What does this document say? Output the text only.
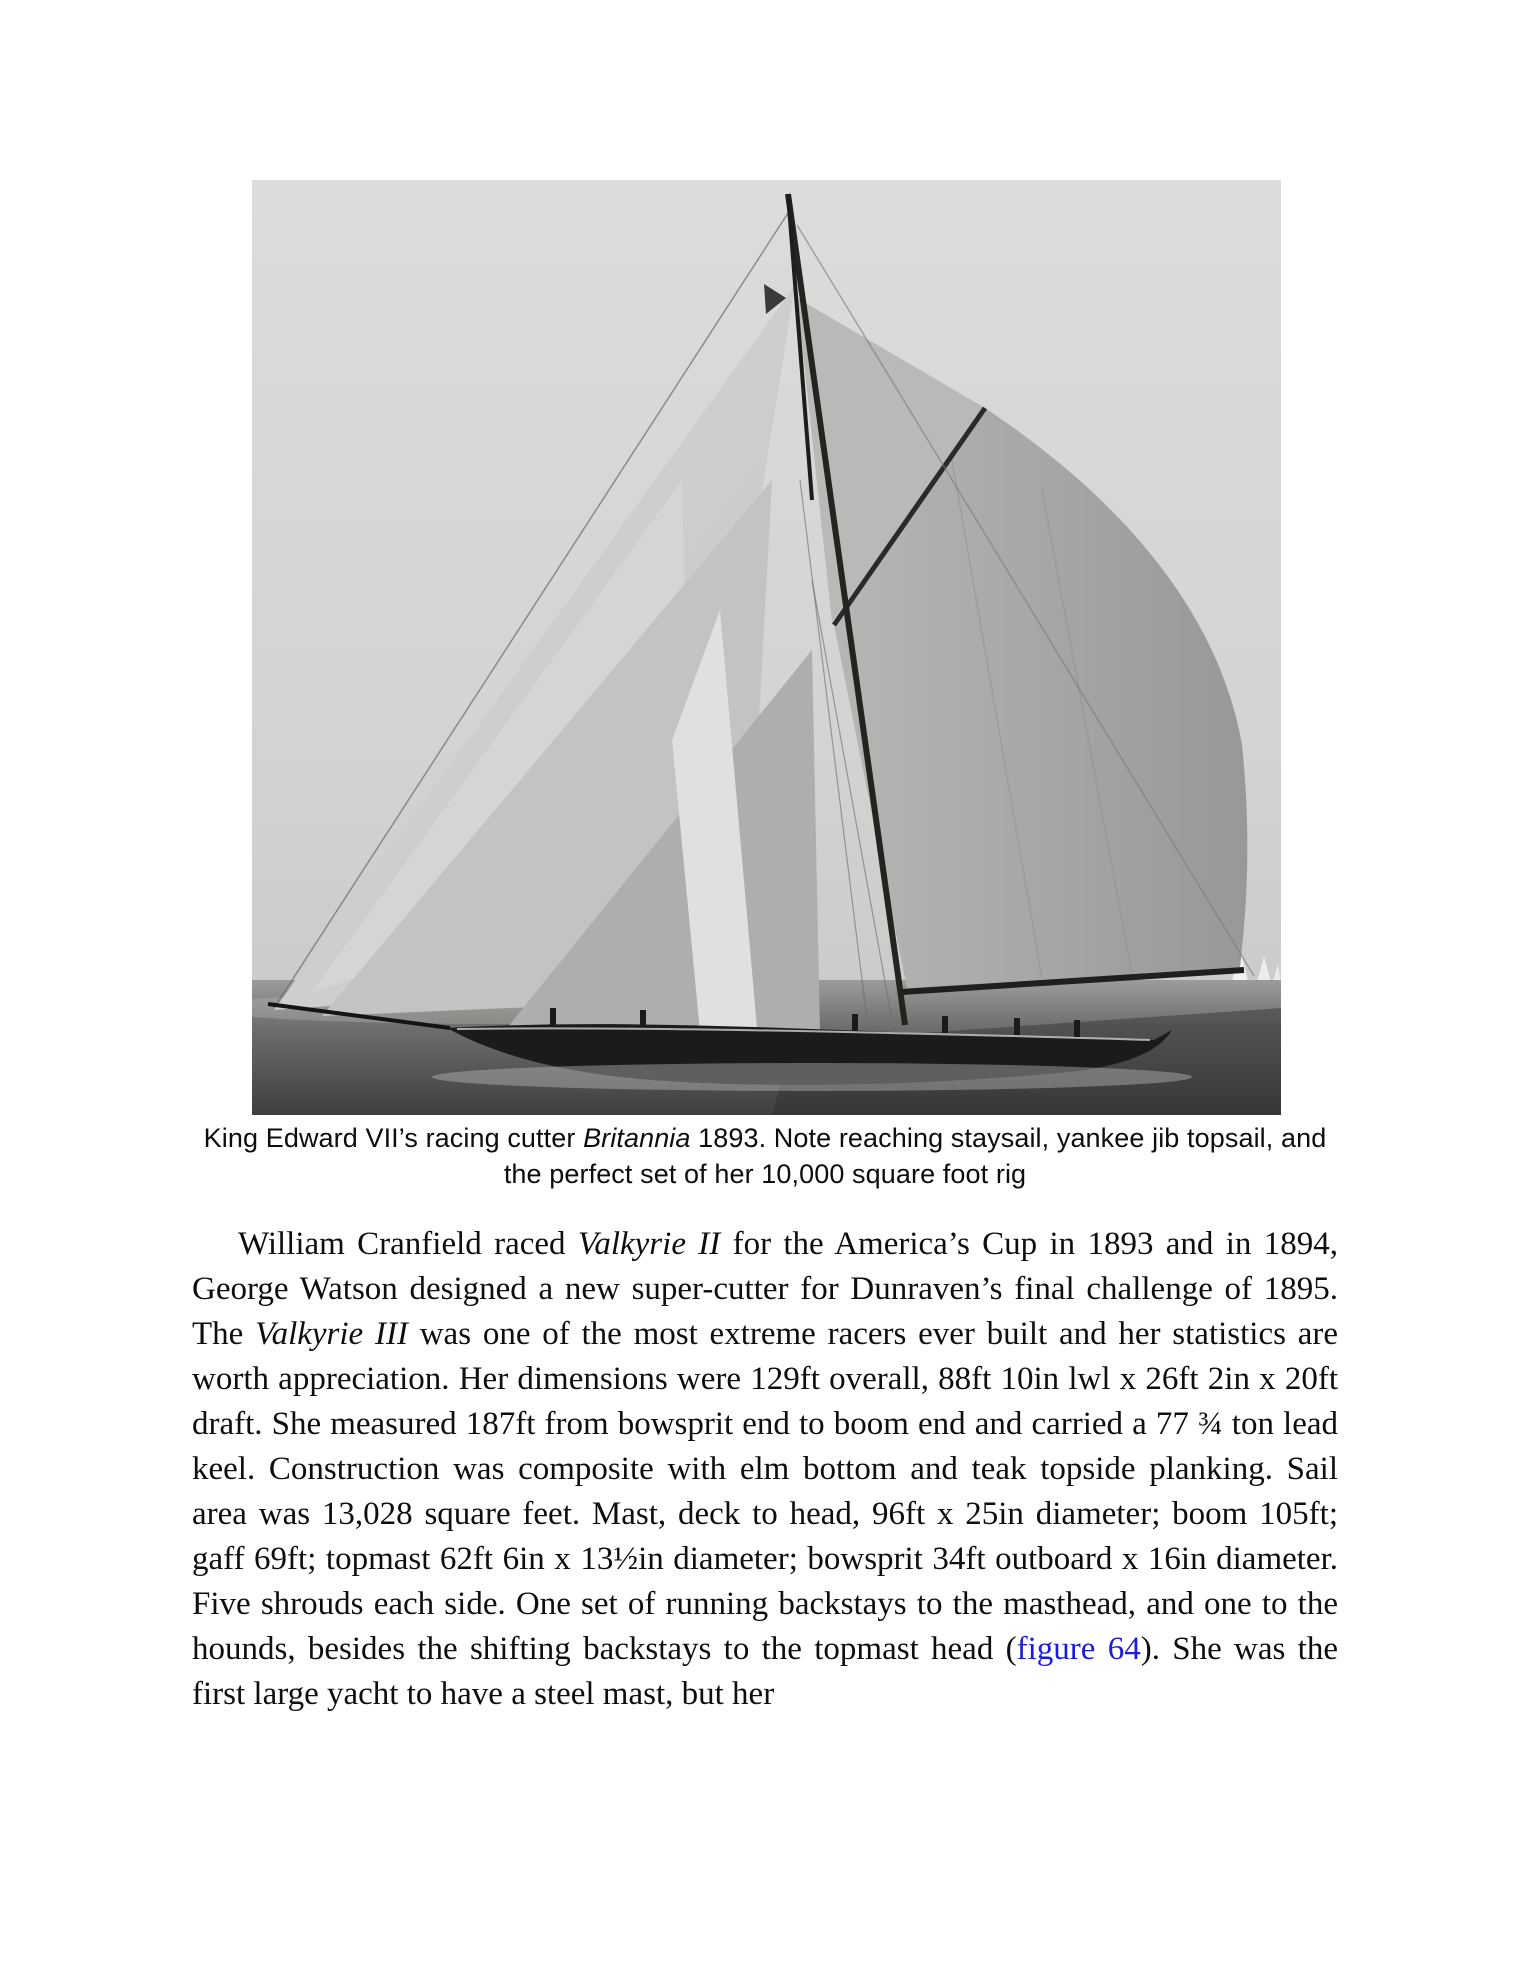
King Edward VII’s racing cutter Britannia 1893. Note reaching staysail, yankee jib topsail, and
the perfect set of her 10,000 square foot rig
William Cranfield raced Valkyrie II for the America’s Cup in 1893 and in 1894, George Watson designed a new super-cutter for Dunraven’s final challenge of 1895. The Valkyrie III was one of the most extreme racers ever built and her statistics are worth appreciation. Her dimensions were 129ft overall, 88ft 10in lwl x 26ft 2in x 20ft draft. She measured 187ft from bowsprit end to boom end and carried a 77 ¾ ton lead keel. Construction was composite with elm bottom and teak topside planking. Sail area was 13,028 square feet. Mast, deck to head, 96ft x 25in diameter; boom 105ft; gaff 69ft; topmast 62ft 6in x 13½in diameter; bowsprit 34ft outboard x 16in diameter. Five shrouds each side. One set of running backstays to the masthead, and one to the hounds, besides the shifting backstays to the topmast head (figure 64). She was the first large yacht to have a steel mast, but her
